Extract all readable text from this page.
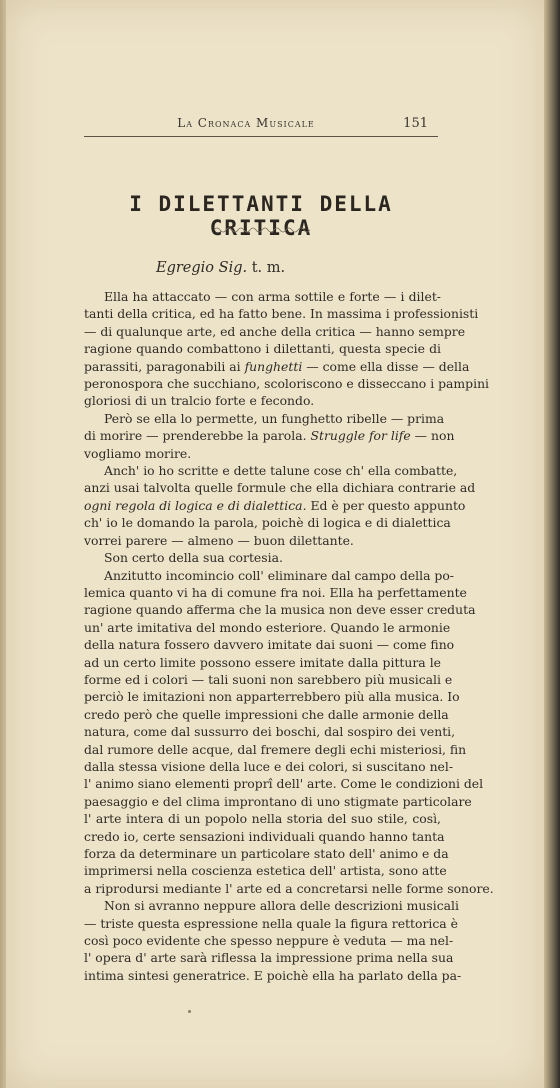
La Cronaca Musicale	151
I DILETTANTI DELLA CRITICA
Egregio Sig. t. m.
Ella ha attaccato — con arma sottile e forte — i dilet-
tanti della critica, ed ha fatto bene. In massima i professionisti
— di qualunque arte, ed anche della critica — hanno sempre
ragione quando combattono i dilettanti, questa specie di
parassiti, paragonabili ai funghetti — come ella disse — della
peronospora che succhiano, scoloriscono e disseccano i pampini
gloriosi di un tralcio forte e fecondo.
Però se ella lo permette, un funghetto ribelle — prima
di morire — prenderebbe la parola. Struggle for life — non
vogliamo morire.
Anch' io ho scritte e dette talune cose ch' ella combatte,
anzi usai talvolta quelle formule che ella dichiara contrarie ad
ogni regola di logica e di dialettica. Ed è per questo appunto
ch' io le domando la parola, poichè di logica e di dialettica
vorrei parere — almeno — buon dilettante.
Son certo della sua cortesia.
Anzitutto incomincio coll' eliminare dal campo della po-
lemica quanto vi ha di comune fra noi. Ella ha perfettamente
ragione quando afferma che la musica non deve esser creduta
un' arte imitativa del mondo esteriore. Quando le armonie
della natura fossero davvero imitate dai suoni — come fino
ad un certo limite possono essere imitate dalla pittura le
forme ed i colori — tali suoni non sarebbero più musicali e
perciò le imitazioni non apparterrebbero più alla musica. Io
credo però che quelle impressioni che dalle armonie della
natura, come dal sussurro dei boschi, dal sospiro dei venti,
dal rumore delle acque, dal fremere degli echi misteriosi, fin
dalla stessa visione della luce e dei colori, si suscitano nel-
l' animo siano elementi proprî dell' arte. Come le condizioni del
paesaggio e del clima improntano di uno stigmate particolare
l' arte intera di un popolo nella storia del suo stile, così,
credo io, certe sensazioni individuali quando hanno tanta
forza da determinare un particolare stato dell' animo e da
imprimersi nella coscienza estetica dell' artista, sono atte
a riprodursi mediante l' arte ed a concretarsi nelle forme sonore.
Non si avranno neppure allora delle descrizioni musicali
— triste questa espressione nella quale la figura rettorica è
così poco evidente che spesso neppure è veduta — ma nel-
l' opera d' arte sarà riflessa la impressione prima nella sua
intima sintesi generatrice. E poichè ella ha parlato della pa-
